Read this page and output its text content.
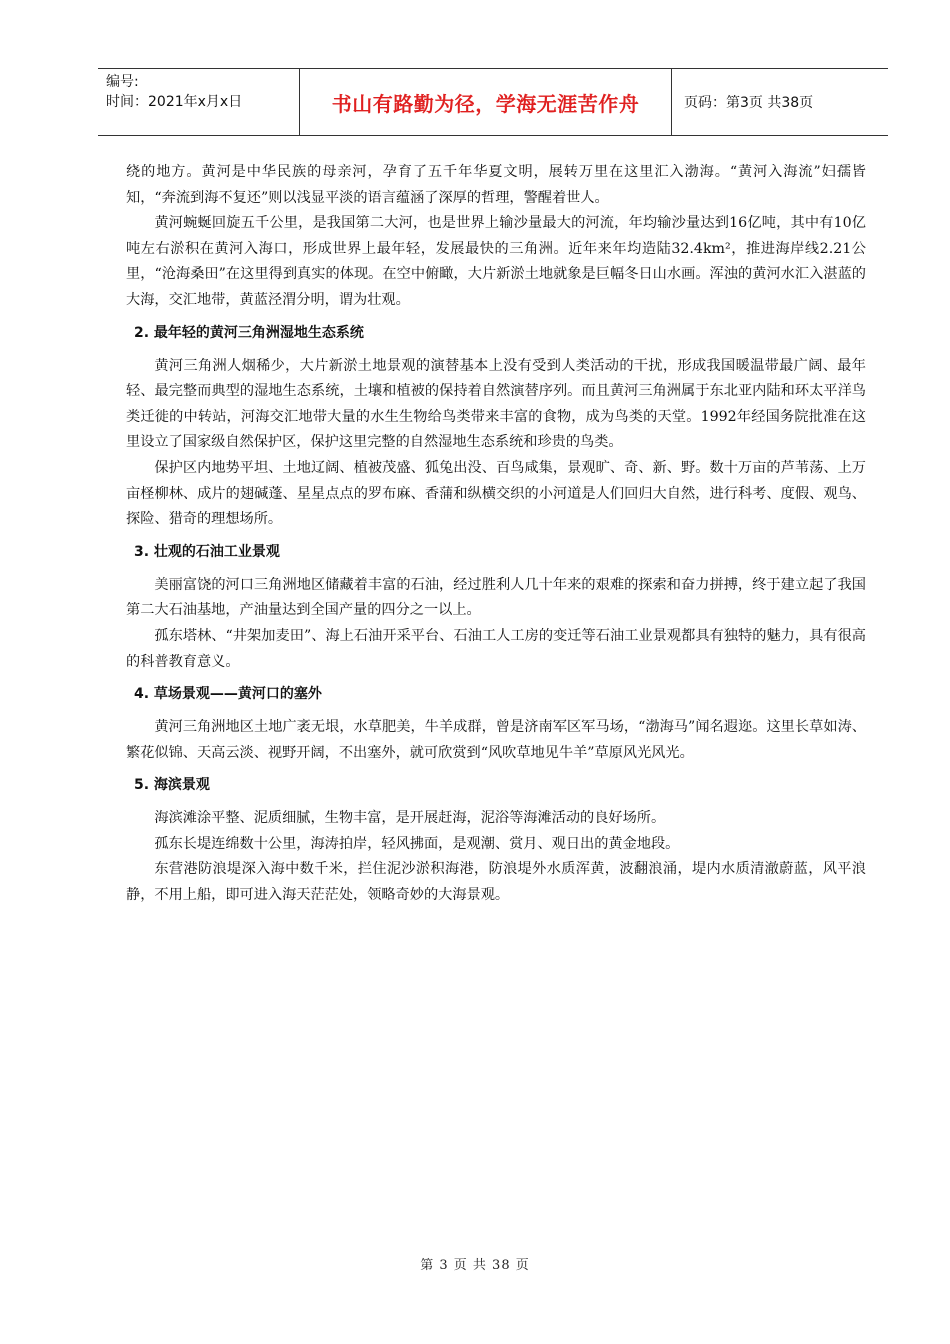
编号:
时间：2021年x月x日	书山有路勤为径，学海无涯苦作舟	页码：第3页 共38页

绕的地方。黄河是中华民族的母亲河，孕育了五千年华夏文明，展转万里在这里汇入渤海。“黄河入海流”妇孺皆知，“奔流到海不复还”则以浅显平淡的语言蕴涵了深厚的哲理，警醒着世人。

黄河蜿蜒回旋五千公里，是我国第二大河，也是世界上输沙量最大的河流，年均输沙量达到16亿吨，其中有10亿吨左右淤积在黄河入海口，形成世界上最年轻，发展最快的三角洲。近年来年均造陆32.4km²，推进海岸线2.21公里，“沧海桑田”在这里得到真实的体现。在空中俯瞰，大片新淤土地就象是巨幅冬日山水画。浑浊的黄河水汇入湛蓝的大海，交汇地带，黄蓝泾渭分明，谓为壮观。

2. 最年轻的黄河三角洲湿地生态系统

黄河三角洲人烟稀少，大片新淤土地景观的演替基本上没有受到人类活动的干扰，形成我国暖温带最广阔、最年轻、最完整而典型的湿地生态系统，土壤和植被的保持着自然演替序列。而且黄河三角洲属于东北亚内陆和环太平洋鸟类迁徙的中转站，河海交汇地带大量的水生生物给鸟类带来丰富的食物，成为鸟类的天堂。1992年经国务院批准在这里设立了国家级自然保护区，保护这里完整的自然湿地生态系统和珍贵的鸟类。

保护区内地势平坦、土地辽阔、植被茂盛、狐兔出没、百鸟咸集，景观旷、奇、新、野。数十万亩的芦苇荡、上万亩柽柳林、成片的翅碱蓬、星星点点的罗布麻、香蒲和纵横交织的小河道是人们回归大自然，进行科考、度假、观鸟、探险、猎奇的理想场所。

3. 壮观的石油工业景观

美丽富饶的河口三角洲地区储藏着丰富的石油，经过胜利人几十年来的艰难的探索和奋力拼搏，终于建立起了我国第二大石油基地，产油量达到全国产量的四分之一以上。

孤东塔林、“井架加麦田”、海上石油开采平台、石油工人工房的变迁等石油工业景观都具有独特的魅力，具有很高的科普教育意义。

4. 草场景观——黄河口的塞外

黄河三角洲地区土地广袤无垠，水草肥美，牛羊成群，曾是济南军区军马场，“渤海马”闻名遐迩。这里长草如涛、繁花似锦、天高云淡、视野开阔，不出塞外，就可欣赏到“风吹草地见牛羊”草原风光风光。

5. 海滨景观

海滨滩涂平整、泥质细腻，生物丰富，是开展赶海，泥浴等海滩活动的良好场所。

孤东长堤连绵数十公里，海涛拍岸，轻风拂面，是观潮、赏月、观日出的黄金地段。

东营港防浪堤深入海中数千米，拦住泥沙淤积海港，防浪堤外水质浑黄，波翻浪涌，堤内水质清澈蔚蓝，风平浪静，不用上船，即可进入海天茫茫处，领略奇妙的大海景观。

第 3 页 共 38 页
